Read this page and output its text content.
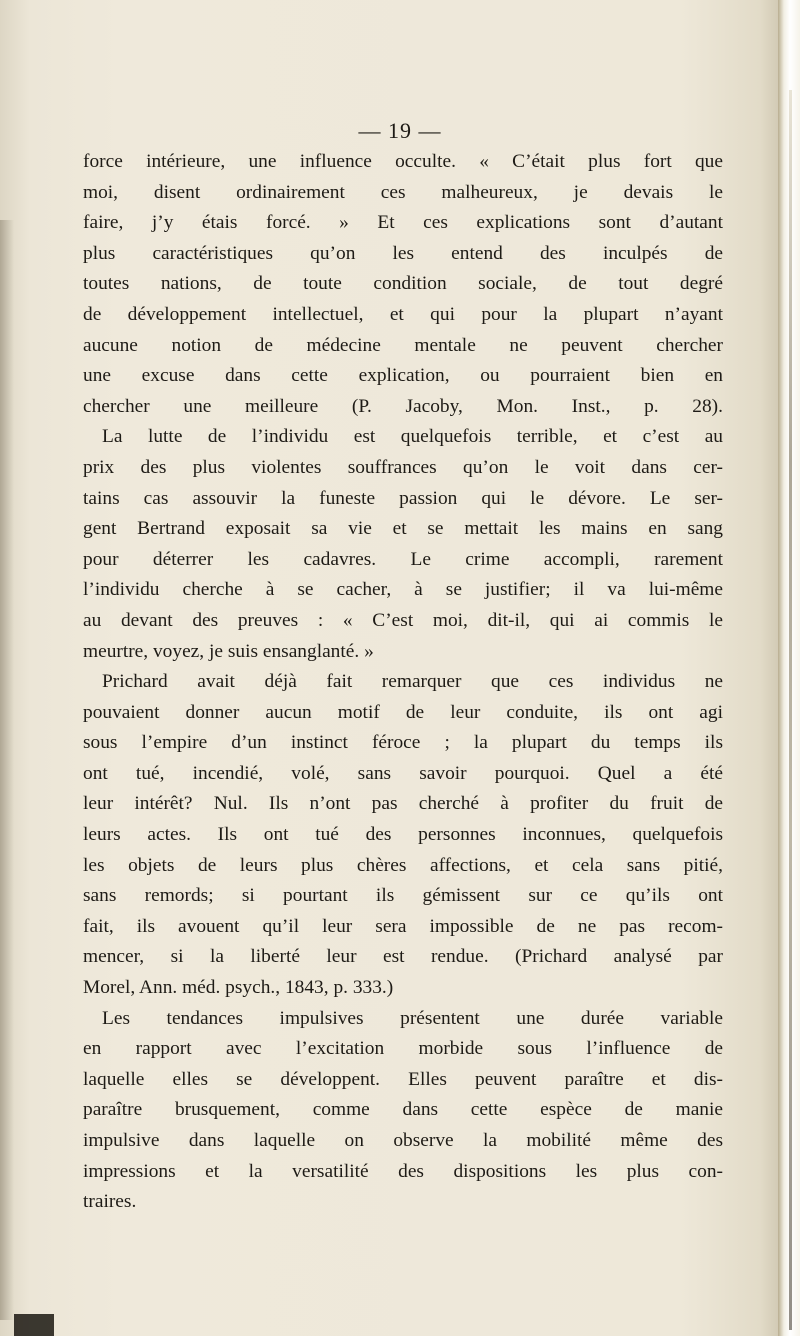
— 19 —
force intérieure, une influence occulte. « C’était plus fort que
moi, disent ordinairement ces malheureux, je devais le
faire, j’y étais forcé. » Et ces explications sont d’autant
plus caractéristiques qu’on les entend des inculpés de
toutes nations, de toute condition sociale, de tout degré
de développement intellectuel, et qui pour la plupart n’ayant
aucune notion de médecine mentale ne peuvent chercher
une excuse dans cette explication, ou pourraient bien en
chercher une meilleure (P. Jacoby, Mon. Inst., p. 28).
La lutte de l’individu est quelquefois terrible, et c’est au
prix des plus violentes souffrances qu’on le voit dans cer-
tains cas assouvir la funeste passion qui le dévore. Le ser-
gent Bertrand exposait sa vie et se mettait les mains en sang
pour déterrer les cadavres. Le crime accompli, rarement
l’individu cherche à se cacher, à se justifier; il va lui-même
au devant des preuves : « C’est moi, dit-il, qui ai commis le
meurtre, voyez, je suis ensanglanté. »
Prichard avait déjà fait remarquer que ces individus ne
pouvaient donner aucun motif de leur conduite, ils ont agi
sous l’empire d’un instinct féroce ; la plupart du temps ils
ont tué, incendié, volé, sans savoir pourquoi. Quel a été
leur intérêt? Nul. Ils n’ont pas cherché à profiter du fruit de
leurs actes. Ils ont tué des personnes inconnues, quelquefois
les objets de leurs plus chères affections, et cela sans pitié,
sans remords; si pourtant ils gémissent sur ce qu’ils ont
fait, ils avouent qu’il leur sera impossible de ne pas recom-
mencer, si la liberté leur est rendue. (Prichard analysé par
Morel, Ann. méd. psych., 1843, p. 333.)
Les tendances impulsives présentent une durée variable
en rapport avec l’excitation morbide sous l’influence de
laquelle elles se développent. Elles peuvent paraître et dis-
paraître brusquement, comme dans cette espèce de manie
impulsive dans laquelle on observe la mobilité même des
impressions et la versatilité des dispositions les plus con-
traires.
